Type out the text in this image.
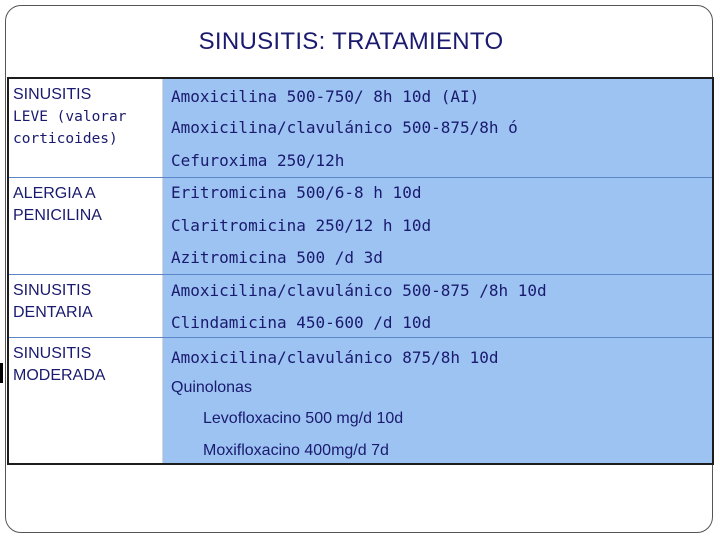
SINUSITIS: TRATAMIENTO
SINUSITIS
LEVE (valorar
corticoides)
Amoxicilina 500-750/ 8h 10d (AI)
Amoxicilina/clavulánico 500-875/8h ó
Cefuroxima 250/12h
ALERGIA A
PENICILINA
Eritromicina 500/6-8 h 10d
Claritromicina 250/12 h 10d
Azitromicina 500 /d 3d
SINUSITIS
DENTARIA
Amoxicilina/clavulánico 500-875 /8h 10d
Clindamicina 450-600 /d 10d
SINUSITIS
MODERADA
Amoxicilina/clavulánico 875/8h 10d
Quinolonas
Levofloxacino 500 mg/d 10d
Moxifloxacino 400mg/d 7d
